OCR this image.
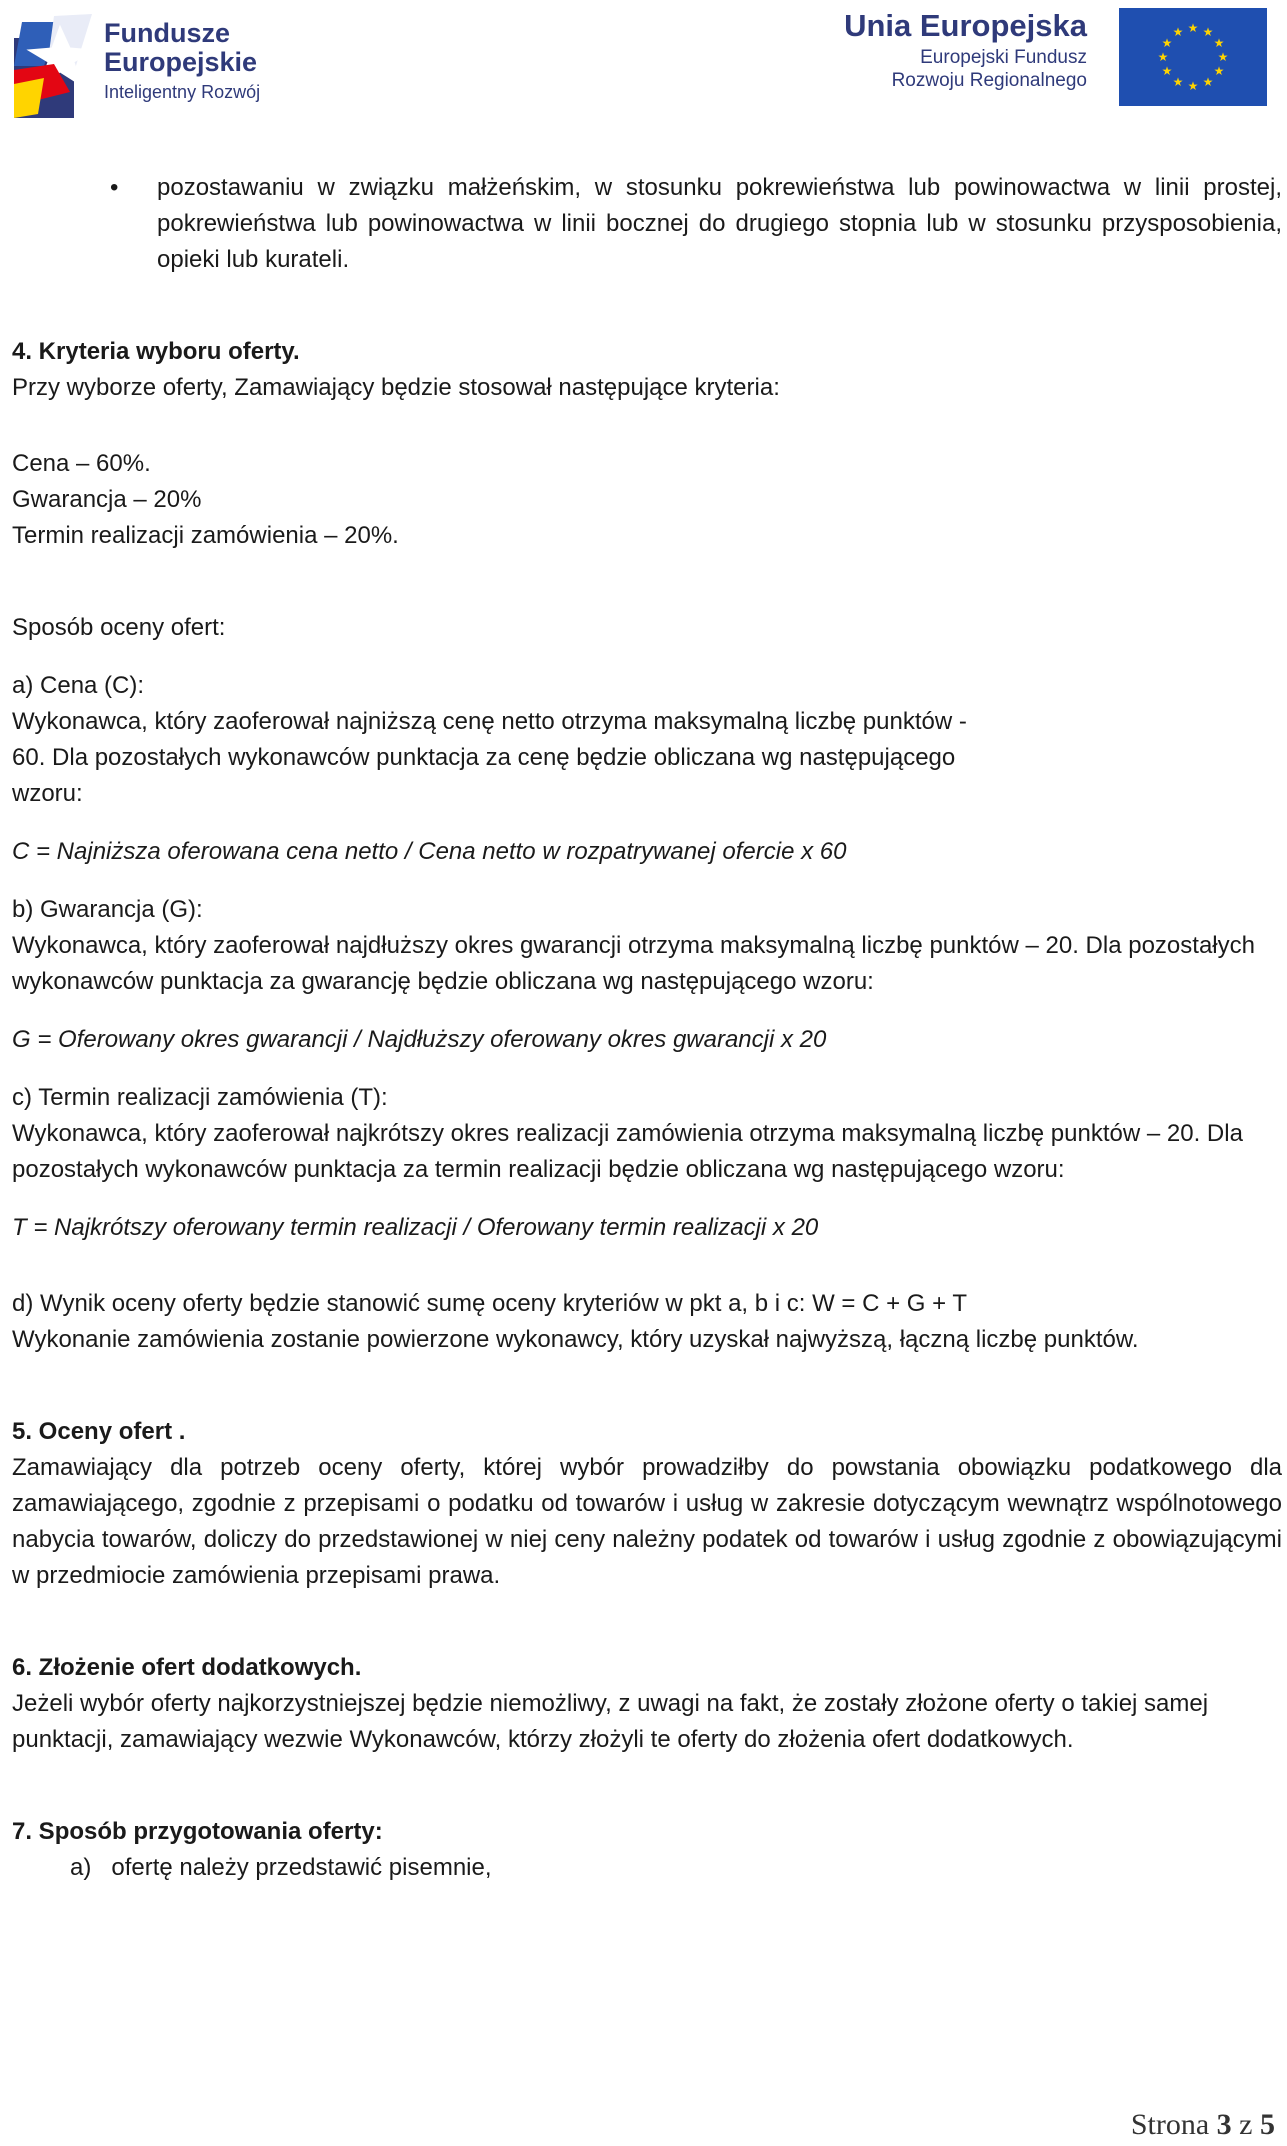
Fundusze
Europejskie
Inteligentny Rozwój
Unia Europejska
Europejski Fundusz
Rozwoju Regionalnego
★ ★
★
★
★
★
★
★
★
★
★
★

• pozostawaniu w związku małżeńskim, w stosunku pokrewieństwa lub powinowactwa w linii prostej, pokrewieństwa lub powinowactwa w linii bocznej do drugiego stopnia lub w stosunku przysposobienia, opieki lub kurateli.

4. Kryteria wyboru oferty.

Przy wyborze oferty, Zamawiający będzie stosował następujące kryteria:

Cena – 60%.

Gwarancja – 20%

Termin realizacji zamówienia – 20%.

Sposób oceny ofert:

a) Cena (C):

Wykonawca, który zaoferował najniższą cenę netto otrzyma maksymalną liczbę punktów - 60. Dla pozostałych wykonawców punktacja za cenę będzie obliczana wg następującego wzoru:

C = Najniższa oferowana cena netto / Cena netto w rozpatrywanej ofercie x 60

b) Gwarancja (G):

Wykonawca, który zaoferował najdłuższy okres gwarancji otrzyma maksymalną liczbę punktów – 20. Dla pozostałych wykonawców punktacja za gwarancję będzie obliczana wg następującego wzoru:

G = Oferowany okres gwarancji / Najdłuższy oferowany okres gwarancji x 20

c) Termin realizacji zamówienia (T):

Wykonawca, który zaoferował najkrótszy okres realizacji zamówienia otrzyma maksymalną liczbę punktów – 20. Dla pozostałych wykonawców punktacja za termin realizacji będzie obliczana wg następującego wzoru:

T = Najkrótszy oferowany termin realizacji / Oferowany termin realizacji x 20

d) Wynik oceny oferty będzie stanowić sumę oceny kryteriów w pkt a, b i c: W = C + G + T

Wykonanie zamówienia zostanie powierzone wykonawcy, który uzyskał najwyższą, łączną liczbę punktów.

5. Oceny ofert .

Zamawiający dla potrzeb oceny oferty, której wybór prowadziłby do powstania obowiązku podatkowego dla zamawiającego, zgodnie z przepisami o podatku od towarów i usług w zakresie dotyczącym wewnątrz wspólnotowego nabycia towarów, doliczy do przedstawionej w niej ceny należny podatek od towarów i usług zgodnie z obowiązującymi w przedmiocie zamówienia przepisami prawa.

6. Złożenie ofert dodatkowych.

Jeżeli wybór oferty najkorzystniejszej będzie niemożliwy, z uwagi na fakt, że zostały złożone oferty o takiej samej punktacji, zamawiający wezwie Wykonawców, którzy złożyli te oferty do złożenia ofert dodatkowych.

7. Sposób przygotowania oferty:

a)   ofertę należy przedstawić pisemnie,

Strona 3 z 5
